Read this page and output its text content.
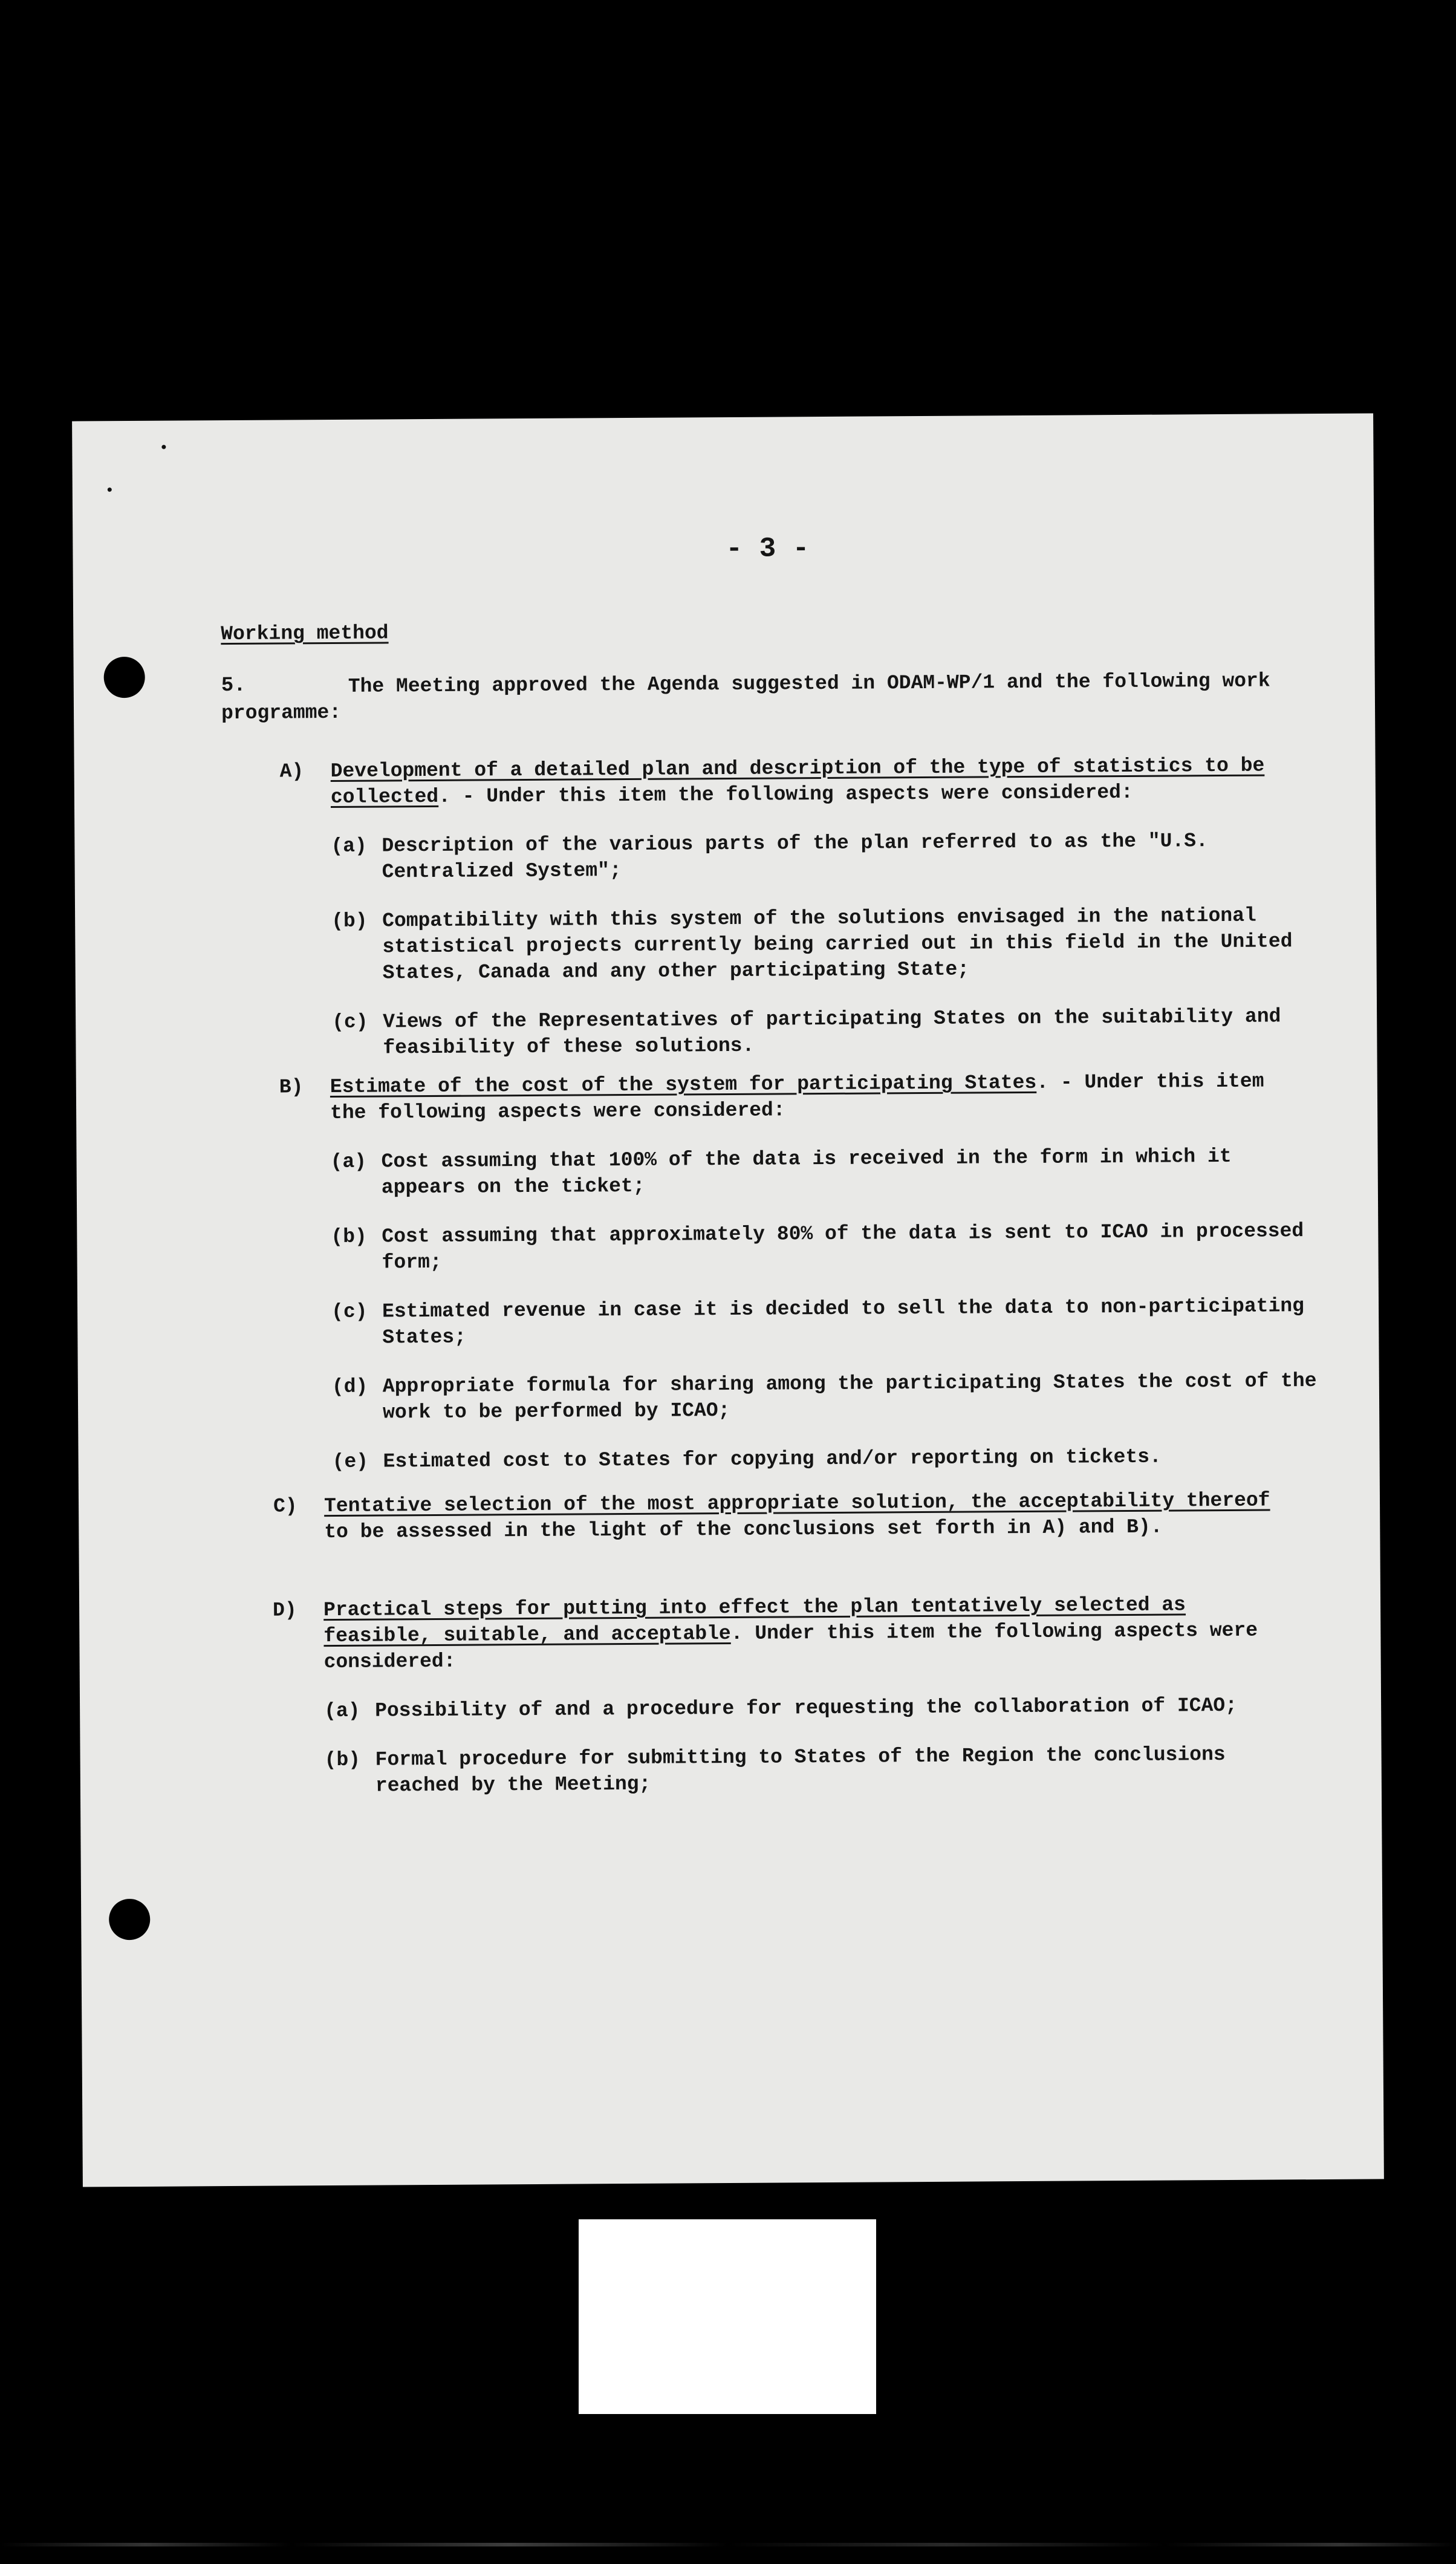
- 3 -
Working method
5.	The Meeting approved the Agenda suggested in ODAM-WP/1 and the following work programme:
A) Development of a detailed plan and description of the type of statistics to be collected. - Under this item the following aspects were considered:
(a) Description of the various parts of the plan referred to as the "U.S. Centralized System";
(b) Compatibility with this system of the solutions envisaged in the national statistical projects currently being carried out in this field in the United States, Canada and any other participating State;
(c) Views of the Representatives of participating States on the suitability and feasibility of these solutions.
B) Estimate of the cost of the system for participating States. - Under this item the following aspects were considered:
(a) Cost assuming that 100% of the data is received in the form in which it appears on the ticket;
(b) Cost assuming that approximately 80% of the data is sent to ICAO in processed form;
(c) Estimated revenue in case it is decided to sell the data to non-participating States;
(d) Appropriate formula for sharing among the participating States the cost of the work to be performed by ICAO;
(e) Estimated cost to States for copying and/or reporting on tickets.
C) Tentative selection of the most appropriate solution, the acceptability thereof to be assessed in the light of the conclusions set forth in A) and B).
D) Practical steps for putting into effect the plan tentatively selected as feasible, suitable, and acceptable. Under this item the following aspects were considered:
(a) Possibility of and a procedure for requesting the collaboration of ICAO;
(b) Formal procedure for submitting to States of the Region the conclusions reached by the Meeting;
